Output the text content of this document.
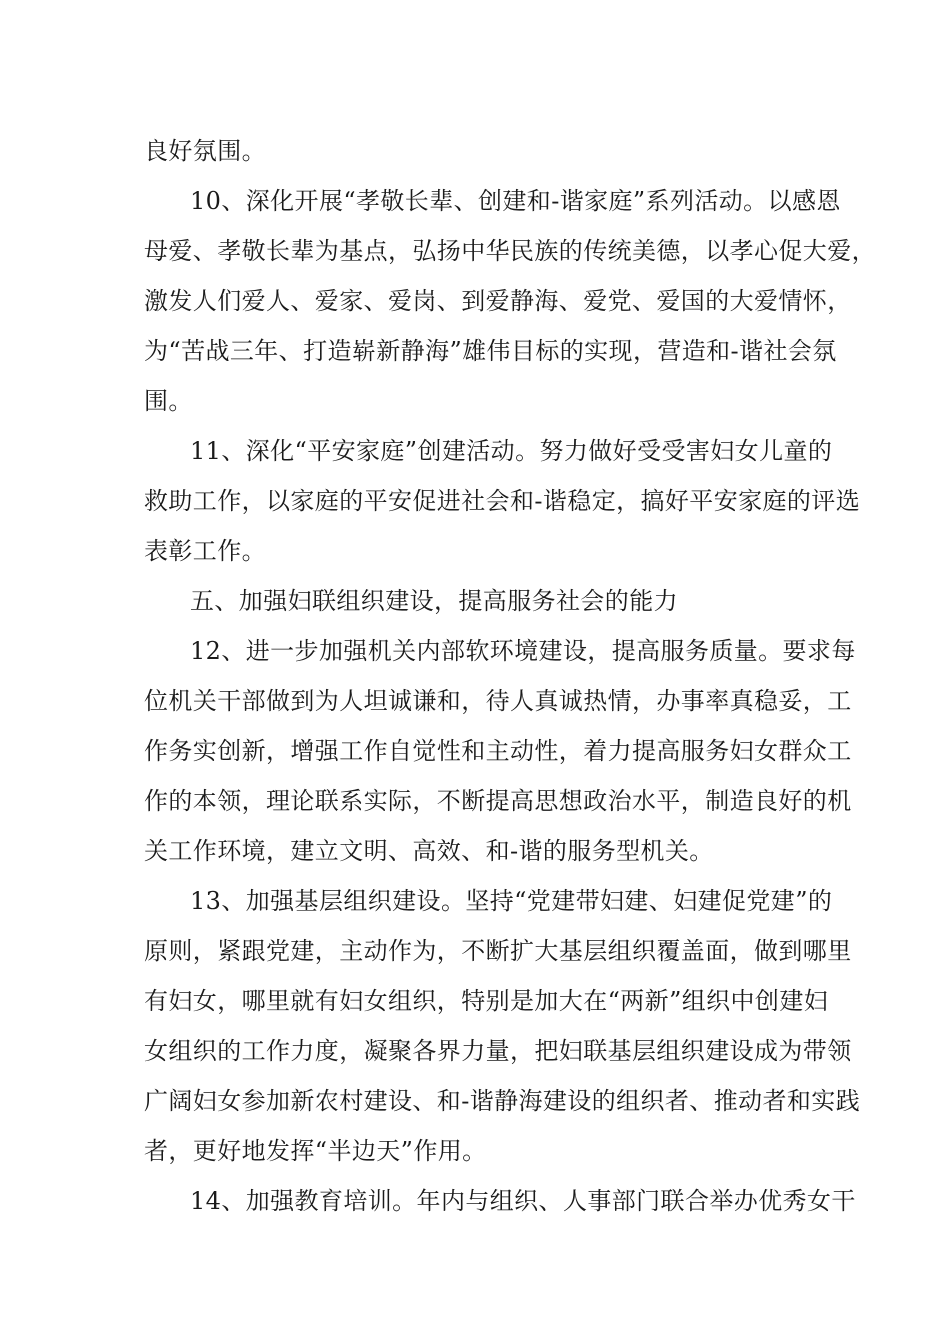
良好氛围。
10、深化开展“孝敬长辈、创建和-谐家庭”系列活动。以感恩
母爱、孝敬长辈为基点，弘扬中华民族的传统美德，以孝心促大爱，
激发人们爱人、爱家、爱岗、到爱静海、爱党、爱国的大爱情怀，
为“苦战三年、打造崭新静海”雄伟目标的实现，营造和-谐社会氛
围。
11、深化“平安家庭”创建活动。努力做好受受害妇女儿童的
救助工作，以家庭的平安促进社会和-谐稳定，搞好平安家庭的评选
表彰工作。
五、加强妇联组织建设，提高服务社会的能力
12、进一步加强机关内部软环境建设，提高服务质量。要求每
位机关干部做到为人坦诚谦和，待人真诚热情，办事率真稳妥，工
作务实创新，增强工作自觉性和主动性，着力提高服务妇女群众工
作的本领，理论联系实际，不断提高思想政治水平，制造良好的机
关工作环境，建立文明、高效、和-谐的服务型机关。
13、加强基层组织建设。坚持“党建带妇建、妇建促党建”的
原则，紧跟党建，主动作为，不断扩大基层组织覆盖面，做到哪里
有妇女，哪里就有妇女组织，特别是加大在“两新”组织中创建妇
女组织的工作力度，凝聚各界力量，把妇联基层组织建设成为带领
广阔妇女参加新农村建设、和-谐静海建设的组织者、推动者和实践
者，更好地发挥“半边天”作用。
14、加强教育培训。年内与组织、人事部门联合举办优秀女干
